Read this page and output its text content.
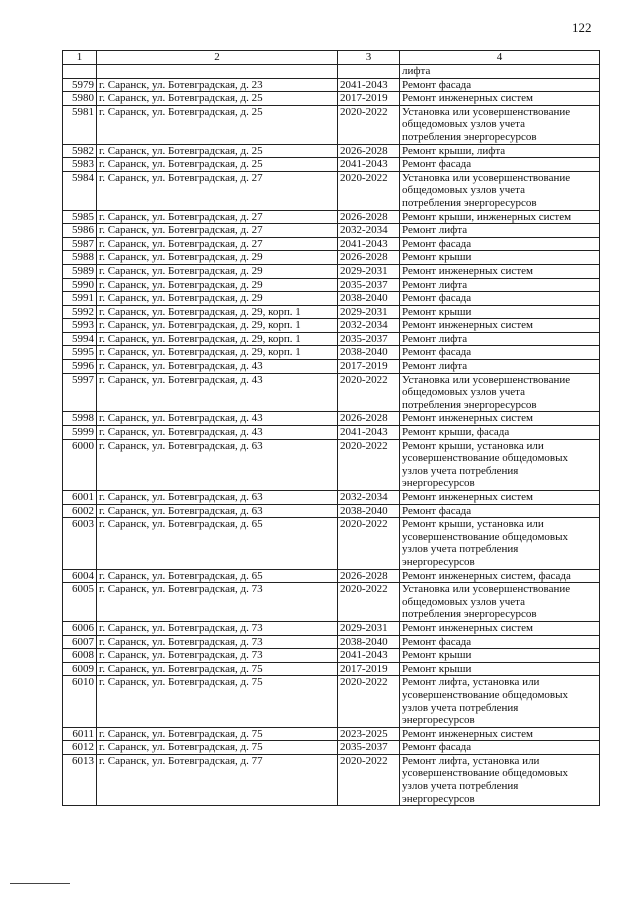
122
1	2	3	4
			лифта
5979	г. Саранск, ул. Ботевградская, д. 23	2041-2043	Ремонт фасада
5980	г. Саранск, ул. Ботевградская, д. 25	2017-2019	Ремонт инженерных систем
5981	г. Саранск, ул. Ботевградская, д. 25	2020-2022	Установка или усовершенствование
общедомовых узлов учета
потребления энергоресурсов
5982	г. Саранск, ул. Ботевградская, д. 25	2026-2028	Ремонт крыши, лифта
5983	г. Саранск, ул. Ботевградская, д. 25	2041-2043	Ремонт фасада
5984	г. Саранск, ул. Ботевградская, д. 27	2020-2022	Установка или усовершенствование
общедомовых узлов учета
потребления энергоресурсов
5985	г. Саранск, ул. Ботевградская, д. 27	2026-2028	Ремонт крыши, инженерных систем
5986	г. Саранск, ул. Ботевградская, д. 27	2032-2034	Ремонт лифта
5987	г. Саранск, ул. Ботевградская, д. 27	2041-2043	Ремонт фасада
5988	г. Саранск, ул. Ботевградская, д. 29	2026-2028	Ремонт крыши
5989	г. Саранск, ул. Ботевградская, д. 29	2029-2031	Ремонт инженерных систем
5990	г. Саранск, ул. Ботевградская, д. 29	2035-2037	Ремонт лифта
5991	г. Саранск, ул. Ботевградская, д. 29	2038-2040	Ремонт фасада
5992	г. Саранск, ул. Ботевградская, д. 29, корп. 1	2029-2031	Ремонт крыши
5993	г. Саранск, ул. Ботевградская, д. 29, корп. 1	2032-2034	Ремонт инженерных систем
5994	г. Саранск, ул. Ботевградская, д. 29, корп. 1	2035-2037	Ремонт лифта
5995	г. Саранск, ул. Ботевградская, д. 29, корп. 1	2038-2040	Ремонт фасада
5996	г. Саранск, ул. Ботевградская, д. 43	2017-2019	Ремонт лифта
5997	г. Саранск, ул. Ботевградская, д. 43	2020-2022	Установка или усовершенствование
общедомовых узлов учета
потребления энергоресурсов
5998	г. Саранск, ул. Ботевградская, д. 43	2026-2028	Ремонт инженерных систем
5999	г. Саранск, ул. Ботевградская, д. 43	2041-2043	Ремонт крыши, фасада
6000	г. Саранск, ул. Ботевградская, д. 63	2020-2022	Ремонт крыши, установка или
усовершенствование общедомовых
узлов учета потребления
энергоресурсов
6001	г. Саранск, ул. Ботевградская, д. 63	2032-2034	Ремонт инженерных систем
6002	г. Саранск, ул. Ботевградская, д. 63	2038-2040	Ремонт фасада
6003	г. Саранск, ул. Ботевградская, д. 65	2020-2022	Ремонт крыши, установка или
усовершенствование общедомовых
узлов учета потребления
энергоресурсов
6004	г. Саранск, ул. Ботевградская, д. 65	2026-2028	Ремонт инженерных систем, фасада
6005	г. Саранск, ул. Ботевградская, д. 73	2020-2022	Установка или усовершенствование
общедомовых узлов учета
потребления энергоресурсов
6006	г. Саранск, ул. Ботевградская, д. 73	2029-2031	Ремонт инженерных систем
6007	г. Саранск, ул. Ботевградская, д. 73	2038-2040	Ремонт фасада
6008	г. Саранск, ул. Ботевградская, д. 73	2041-2043	Ремонт крыши
6009	г. Саранск, ул. Ботевградская, д. 75	2017-2019	Ремонт крыши
6010	г. Саранск, ул. Ботевградская, д. 75	2020-2022	Ремонт лифта, установка или
усовершенствование общедомовых
узлов учета потребления
энергоресурсов
6011	г. Саранск, ул. Ботевградская, д. 75	2023-2025	Ремонт инженерных систем
6012	г. Саранск, ул. Ботевградская, д. 75	2035-2037	Ремонт фасада
6013	г. Саранск, ул. Ботевградская, д. 77	2020-2022	Ремонт лифта, установка или
усовершенствование общедомовых
узлов учета потребления
энергоресурсов
